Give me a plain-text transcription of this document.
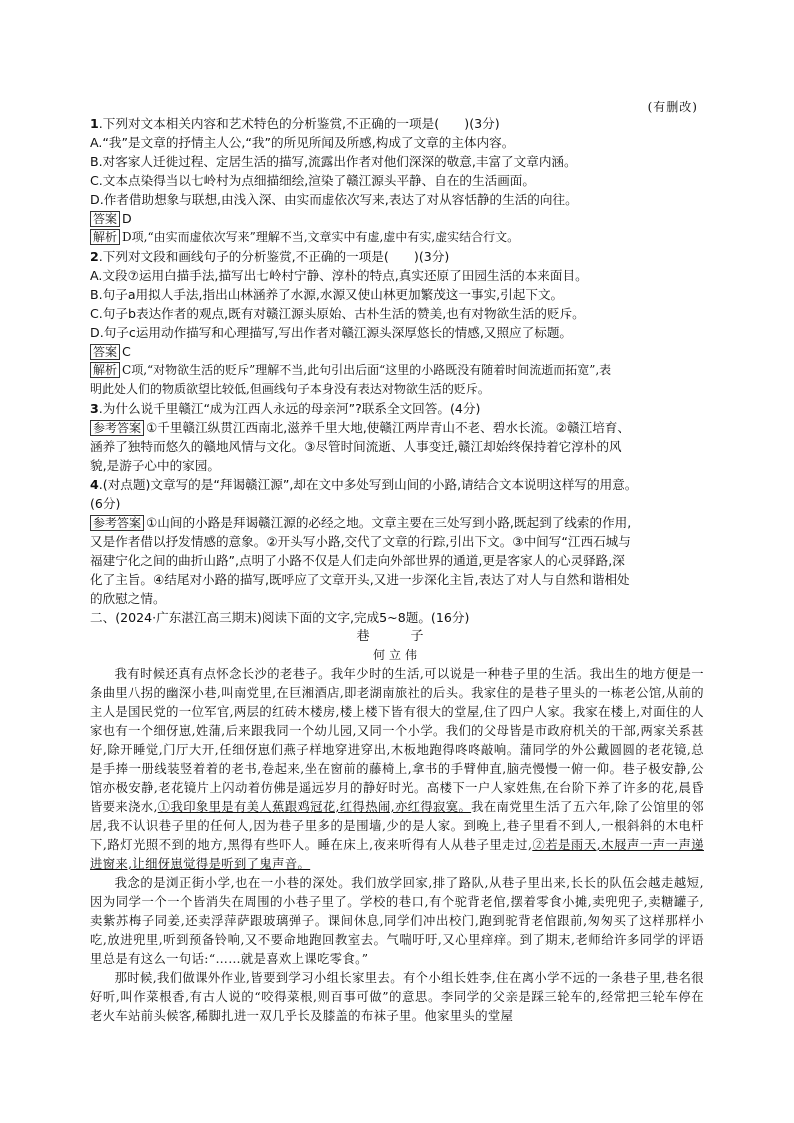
(有删改)

1.下列对文本相关内容和艺术特色的分析鉴赏,不正确的一项是(　　)(3分)

A.“我”是文章的抒情主人公,“我”的所见所闻及所感,构成了文章的主体内容。

B.对客家人迁徙过程、定居生活的描写,流露出作者对他们深深的敬意,丰富了文章内涵。

C.文本点染得当以七岭村为点细描细绘,渲染了赣江源头平静、自在的生活画面。

D.作者借助想象与联想,由浅入深、由实而虚依次写来,表达了对从容恬静的生活的向往。

答案 D

解析 D项,“由实而虚依次写来”理解不当,文章实中有虚,虚中有实,虚实结合行文。

2.下列对文段和画线句子的分析鉴赏,不正确的一项是(　　)(3分)

A.文段⑦运用白描手法,描写出七岭村宁静、淳朴的特点,真实还原了田园生活的本来面目。

B.句子a用拟人手法,指出山林涵养了水源,水源又使山林更加繁茂这一事实,引起下文。

C.句子b表达作者的观点,既有对赣江源头原始、古朴生活的赞美,也有对物欲生活的贬斥。

D.句子c运用动作描写和心理描写,写出作者对赣江源头深厚悠长的情感,又照应了标题。

答案 C

解析 C项,“对物欲生活的贬斥”理解不当,此句引出后面“这里的小路既没有随着时间流逝而拓宽”,表

明此处人们的物质欲望比较低,但画线句子本身没有表达对物欲生活的贬斥。

3.为什么说千里赣江“成为江西人永远的母亲河”?联系全文回答。(4分)

参考答案 ①千里赣江纵贯江西南北,滋养千里大地,使赣江两岸青山不老、碧水长流。②赣江培育、

涵养了独特而悠久的赣地风情与文化。③尽管时间流逝、人事变迁,赣江却始终保持着它淳朴的风

貌,是游子心中的家园。

4.(对点题)文章写的是“拜谒赣江源”,却在文中多处写到山间的小路,请结合文本说明这样写的用意。

(6分)

参考答案 ①山间的小路是拜谒赣江源的必经之地。文章主要在三处写到小路,既起到了线索的作用,

又是作者借以抒发情感的意象。②开头写小路,交代了文章的行踪,引出下文。③中间写“江西石城与

福建宁化之间的曲折山路”,点明了小路不仅是人们走向外部世界的通道,更是客家人的心灵驿路,深

化了主旨。④结尾对小路的描写,既呼应了文章开头,又进一步深化主旨,表达了对人与自然和谐相处

的欣慰之情。

二、(2024·广东湛江高三期末)阅读下面的文字,完成5~8题。(16分)

巷　子

何立伟

我有时候还真有点怀念长沙的老巷子。我年少时的生活,可以说是一种巷子里的生活。我出生的地方便是一条曲里八拐的幽深小巷,叫南党里,在巨湘酒店,即老湖南旅社的后头。我家住的是巷子里头的一栋老公馆,从前的主人是国民党的一位军官,两层的红砖木楼房,楼上楼下皆有很大的堂屋,住了四户人家。我家在楼上,对面住的人家也有一个细伢崽,姓蒲,后来跟我同一个幼儿园,又同一个小学。我们的父母皆是市政府机关的干部,两家关系甚好,除开睡觉,门厅大开,任细伢崽们燕子样地穿进穿出,木板地跑得咚咚敲响。蒲同学的外公戴圆圆的老花镜,总是手捧一册线装竖着着的老书,卷起来,坐在窗前的藤椅上,拿书的手臂伸直,脑壳慢慢一俯一仰。巷子极安静,公馆亦极安静,老花镜片上闪动着仿佛是遥远岁月的静好时光。高楼下一户人家姓焦,在台阶下养了许多的花,晨昏皆要来浇水,①我印象里是有美人蕉跟鸡冠花,红得热闹,亦红得寂寞。我在南党里生活了五六年,除了公馆里的邻居,我不认识巷子里的任何人,因为巷子里多的是围墙,少的是人家。到晚上,巷子里看不到人,一根斜斜的木电杆下,路灯光照不到的地方,黑得有些吓人。睡在床上,夜来听得有人从巷子里走过,②若是雨天,木屐声一声一声递进窗来,让细伢崽觉得是听到了鬼声音。

我念的是浏正街小学,也在一小巷的深处。我们放学回家,排了路队,从巷子里出来,长长的队伍会越走越短,因为同学一个一个皆消失在周围的小巷子里了。学校的巷口,有个驼背老倌,摆着零食小摊,卖兜兜子,卖糖罐子,卖紫苏梅子同姜,还卖浮萍萨跟玻璃弹子。课间休息,同学们冲出校门,跑到驼背老倌跟前,匆匆买了这样那样小吃,放进兜里,听到预备铃响,又不要命地跑回教室去。气喘吁吁,又心里痒痒。到了期末,老师给许多同学的评语里总是有这么一句话:“……就是喜欢上课吃零食。”

那时候,我们做课外作业,皆要到学习小组长家里去。有个小组长姓李,住在离小学不远的一条巷子里,巷名很好听,叫作菜根香,有古人说的“咬得菜根,则百事可做”的意思。李同学的父亲是踩三轮车的,经常把三轮车停在老火车站前头候客,稀脚扎进一双几乎长及膝盖的布袜子里。他家里头的堂屋
